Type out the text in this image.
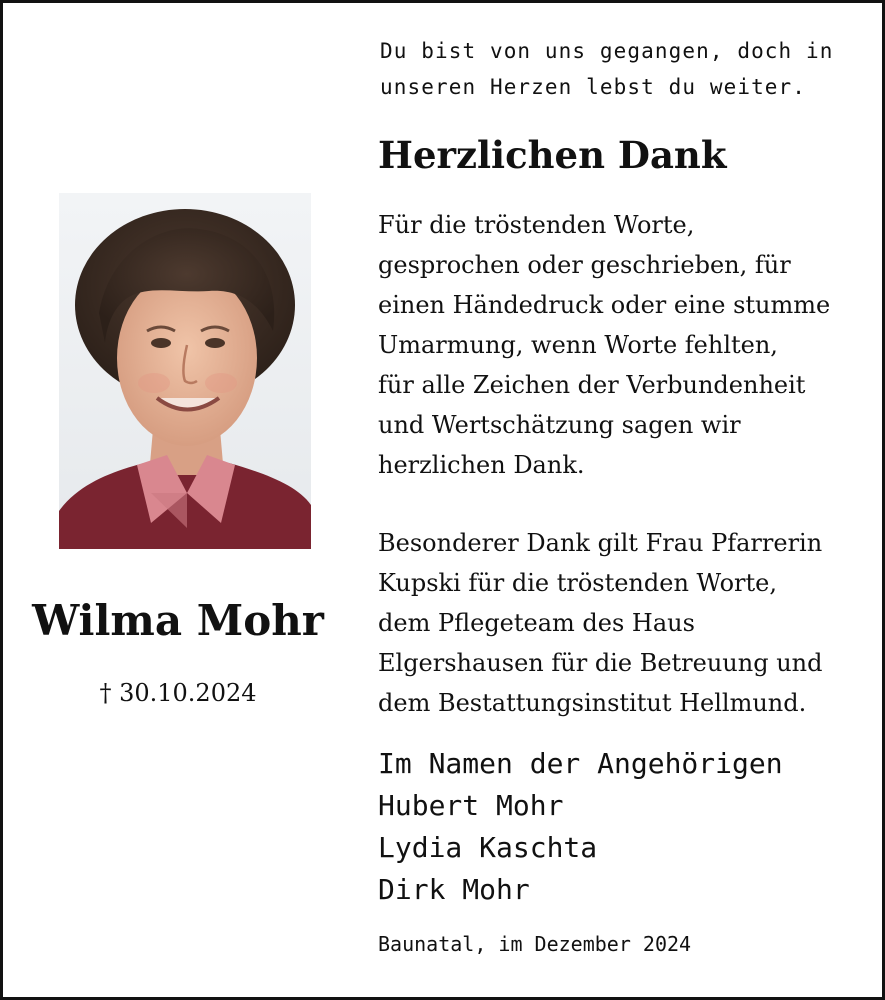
Du bist von uns gegangen, doch in
unseren Herzen lebst du weiter.
Herzlichen Dank
Für die tröstenden Worte,
gesprochen oder geschrieben, für
einen Händedruck oder eine stumme
Umarmung, wenn Worte fehlten,
für alle Zeichen der Verbundenheit
und Wertschätzung sagen wir
herzlichen Dank.
Besonderer Dank gilt Frau Pfarrerin
Kupski für die tröstenden Worte,
dem Pflegeteam des Haus
Elgershausen für die Betreuung und
dem Bestattungsinstitut Hellmund.
Im Namen der Angehörigen
Hubert Mohr
Lydia Kaschta
Dirk Mohr
Baunatal, im Dezember 2024
Wilma Mohr
† 30.10.2024
